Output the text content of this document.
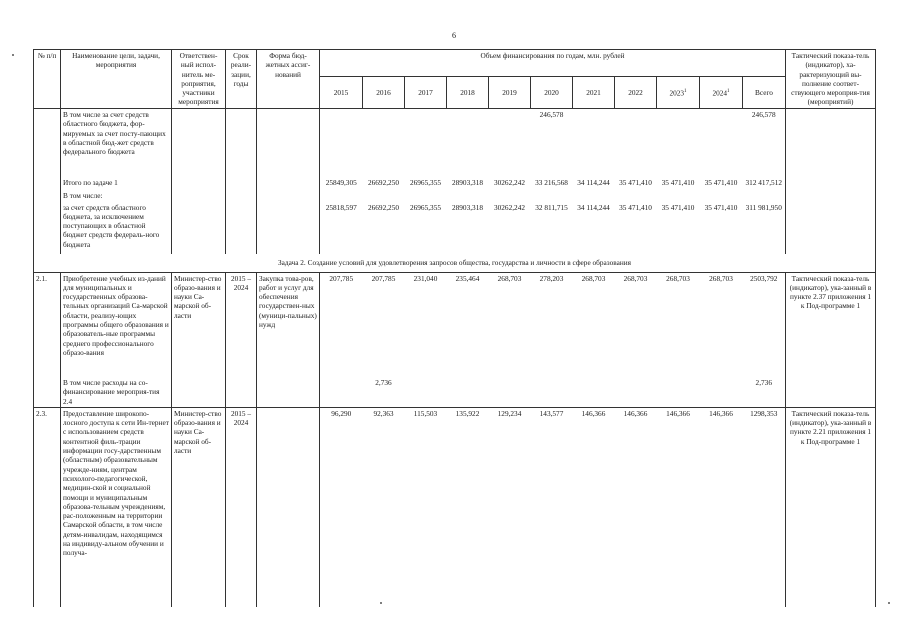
6
№ п/п	Наименование цели, задачи, мероприятия	Ответствен-ный испол-нитель ме-роприятия, участники мероприятия	Срок реали-зации, годы	Форма бюд-жетных ассиг-нований	Объем финансирования по годам, млн. рублей											Тактический показа-тель (индикатор), ха-рактеризующий вы-полнение соответ-ствующего мероприя-тия (мероприятий)
					2015	2016	2017	2018	2019	2020	2021	2022	2023$^1$	2024$^1$	Всего	
	В том числе за счет средств областного бюджета, фор-мируемых за счет посту-пающих в областной бюд-жет средств федерального бюджета									246,578					246,578	
	Итого по задаче 1				25849,305	26692,250	26965,355	28903,318	30262,242	33 216,568	34 114,244	35 471,410	35 471,410	35 471,410	312 417,512	
	В том числе:															
	за счет средств областного бюджета, за исключением поступающих в областной бюджет средств федераль-ного бюджета				25818,597	26692,250	26965,355	28903,318	30262,242	32 811,715	34 114,244	35 471,410	35 471,410	35 471,410	311 981,950	
Задача 2. Создание условий для удовлетворения запросов общества, государства и личности в сфере образования																
2.1.	Приобретение учебных из-даний для муниципальных и государственных образова-тельных организаций Са-марской области, реализу-ющих программы общего образования и образователь-ные программы среднего профессионального образо-вания	Министер-ство образо-вания и науки Са-марской об-ласти	2015 – 2024	Закупка това-ров, работ и услуг для обеспечения государствен-ных (муници-пальных) нужд	207,785	207,785	231,040	235,464	268,703	278,203	268,703	268,703	268,703	268,703	2503,792	Тактический показа-тель (индикатор), ука-занный в пункте 2.37 приложения 1 к Под-программе 1
	В том числе расходы на со-финансирование мероприя-тия 2.4					2,736									2,736	
2.3.	Предоставление широкопо-лосного доступа к сети Ин-тернет с использованием средств контентной филь-трации информации госу-дарственным (областным) образовательным учрежде-ниям, центрам психолого-педагогической, медицин-ской и социальной помощи и муниципальным образова-тельным учреждениям, рас-положенным на территории Самарской области, в том числе детям-инвалидам, находящимся на индивиду-альном обучении и получа-	Министер-ство образо-вания и науки Са-марской об-ласти	2015 – 2024		96,290	92,363	115,503	135,922	129,234	143,577	146,366	146,366	146,366	146,366	1298,353	Тактический показа-тель (индикатор), ука-занный в пункте 2.21 приложения 1 к Под-программе 1
